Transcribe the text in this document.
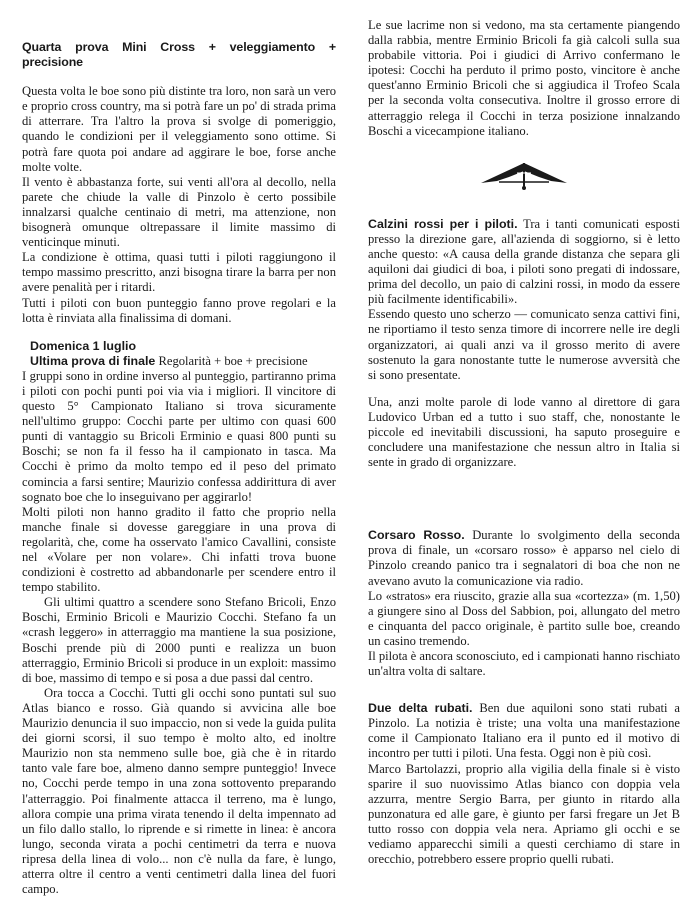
Quarta prova Mini Cross + veleggiamento + precisione

Questa volta le boe sono più distinte tra loro, non sarà un vero e proprio cross country, ma si potrà fare un po' di strada prima di atterrare. Tra l'altro la prova si svolge di pomeriggio, quando le condizioni per il veleggiamento sono ottime. Si potrà fare quota poi andare ad aggirare le boe, forse anche molte volte.

Il vento è abbastanza forte, sui venti all'ora al decollo, nella parete che chiude la valle di Pinzolo è certo possibile innalzarsi qualche centinaio di metri, ma attenzione, non bisognerà omunque oltrepassare il limite massimo di venticinque minuti.

La condizione è ottima, quasi tutti i piloti raggiungono il tempo massimo prescritto, anzi bisogna tirare la barra per non avere penalità per i ritardi.

Tutti i piloti con buon punteggio fanno prove regolari e la lotta è rinviata alla finalissima di domani.

Domenica 1 luglio

Ultima prova di finale Regolarità + boe + precisione

I gruppi sono in ordine inverso al punteggio, partiranno prima i piloti con pochi punti poi via via i migliori. Il vincitore di questo 5° Campionato Italiano si trova sicuramente nell'ultimo gruppo: Cocchi parte per ultimo con quasi 600 punti di vantaggio su Bricoli Erminio e quasi 800 punti su Boschi; se non fa il fesso ha il campionato in tasca. Ma Cocchi è primo da molto tempo ed il peso del primato comincia a farsi sentire; Maurizio confessa addirittura di aver sognato boe che lo inseguivano per aggirarlo!

Molti piloti non hanno gradito il fatto che proprio nella manche finale si dovesse gareggiare in una prova di regolarità, che, come ha osservato l'amico Cavallini, consiste nel «Volare per non volare». Chi infatti trova buone condizioni è costretto ad abbandonarle per scendere entro il tempo stabilito.

Gli ultimi quattro a scendere sono Stefano Bricoli, Enzo Boschi, Erminio Bricoli e Maurizio Cocchi. Stefano fa un «crash leggero» in atterraggio ma mantiene la sua posizione, Boschi prende più di 2000 punti e realizza un buon atterraggio, Erminio Bricoli si produce in un exploit: massimo di boe, massimo di tempo e si posa a due passi dal centro.

Ora tocca a Cocchi. Tutti gli occhi sono puntati sul suo Atlas bianco e rosso. Già quando si avvicina alle boe Maurizio denuncia il suo impaccio, non si vede la guida pulita dei giorni scorsi, il suo tempo è molto alto, ed inoltre Maurizio non sta nemmeno sulle boe, già che è in ritardo tanto vale fare boe, almeno danno sempre punteggio! Invece no, Cocchi perde tempo in una zona sottovento preparando l'atterraggio. Poi finalmente attacca il terreno, ma è lungo, allora compie una prima virata tenendo il delta impennato ad un filo dallo stallo, lo riprende e si rimette in linea: è ancora lungo, seconda virata a pochi centimetri da terra e nuova ripresa della linea di volo... non c'è nulla da fare, è lungo, atterra oltre il centro a venti centimetri dalla linea del fuori campo.

Le sue lacrime non si vedono, ma sta certamente piangendo dalla rabbia, mentre Erminio Bricoli fa già calcoli sulla sua probabile vittoria. Poi i giudici di Arrivo confermano le ipotesi: Cocchi ha perduto il primo posto, vincitore è anche quest'anno Erminio Bricoli che si aggiudica il Trofeo Scala per la seconda volta consecutiva. Inoltre il grosso errore di atterraggio relega il Cocchi in terza posizione innalzando Boschi a vicecampione italiano.

Calzini rossi per i piloti. Tra i tanti comunicati esposti presso la direzione gare, all'azienda di soggiorno, si è letto anche questo: «A causa della grande distanza che separa gli aquiloni dai giudici di boa, i piloti sono pregati di indossare, prima del decollo, un paio di calzini rossi, in modo da essere più facilmente identificabili».

Essendo questo uno scherzo — comunicato senza cattivi fini, ne riportiamo il testo senza timore di incorrere nelle ire degli organizzatori, ai quali anzi va il grosso merito di avere sostenuto la gara nonostante tutte le numerose avversità che si sono presentate.

Una, anzi molte parole di lode vanno al direttore di gara Ludovico Urban ed a tutto i suo staff, che, nonostante le piccole ed inevitabili discussioni, ha saputo proseguire e concludere una manifestazione che nessun altro in Italia si sente in grado di organizzare.

Corsaro Rosso. Durante lo svolgimento della seconda prova di finale, un «corsaro rosso» è apparso nel cielo di Pinzolo creando panico tra i segnalatori di boa che non ne avevano avuto la comunicazione via radio.

Lo «stratos» era riuscito, grazie alla sua «cortezza» (m. 1,50) a giungere sino al Doss del Sabbion, poi, allungato del metro e cinquanta del pacco originale, è partito sulle boe, creando un casino tremendo.

Il pilota è ancora sconosciuto, ed i campionati hanno rischiato un'altra volta di saltare.

Due delta rubati. Ben due aquiloni sono stati rubati a Pinzolo. La notizia è triste; una volta una manifestazione come il Campionato Italiano era il punto ed il motivo di incontro per tutti i piloti. Una festa. Oggi non è più così.

Marco Bartolazzi, proprio alla vigilia della finale si è visto sparire il suo nuovissimo Atlas bianco con doppia vela azzurra, mentre Sergio Barra, per giunto in ritardo alla punzonatura ed alle gare, è giunto per farsi fregare un Jet B tutto rosso con doppia vela nera. Apriamo gli occhi e se vediamo apparecchi simili a questi cerchiamo di stare in orecchio, potrebbero essere proprio quelli rubati.
